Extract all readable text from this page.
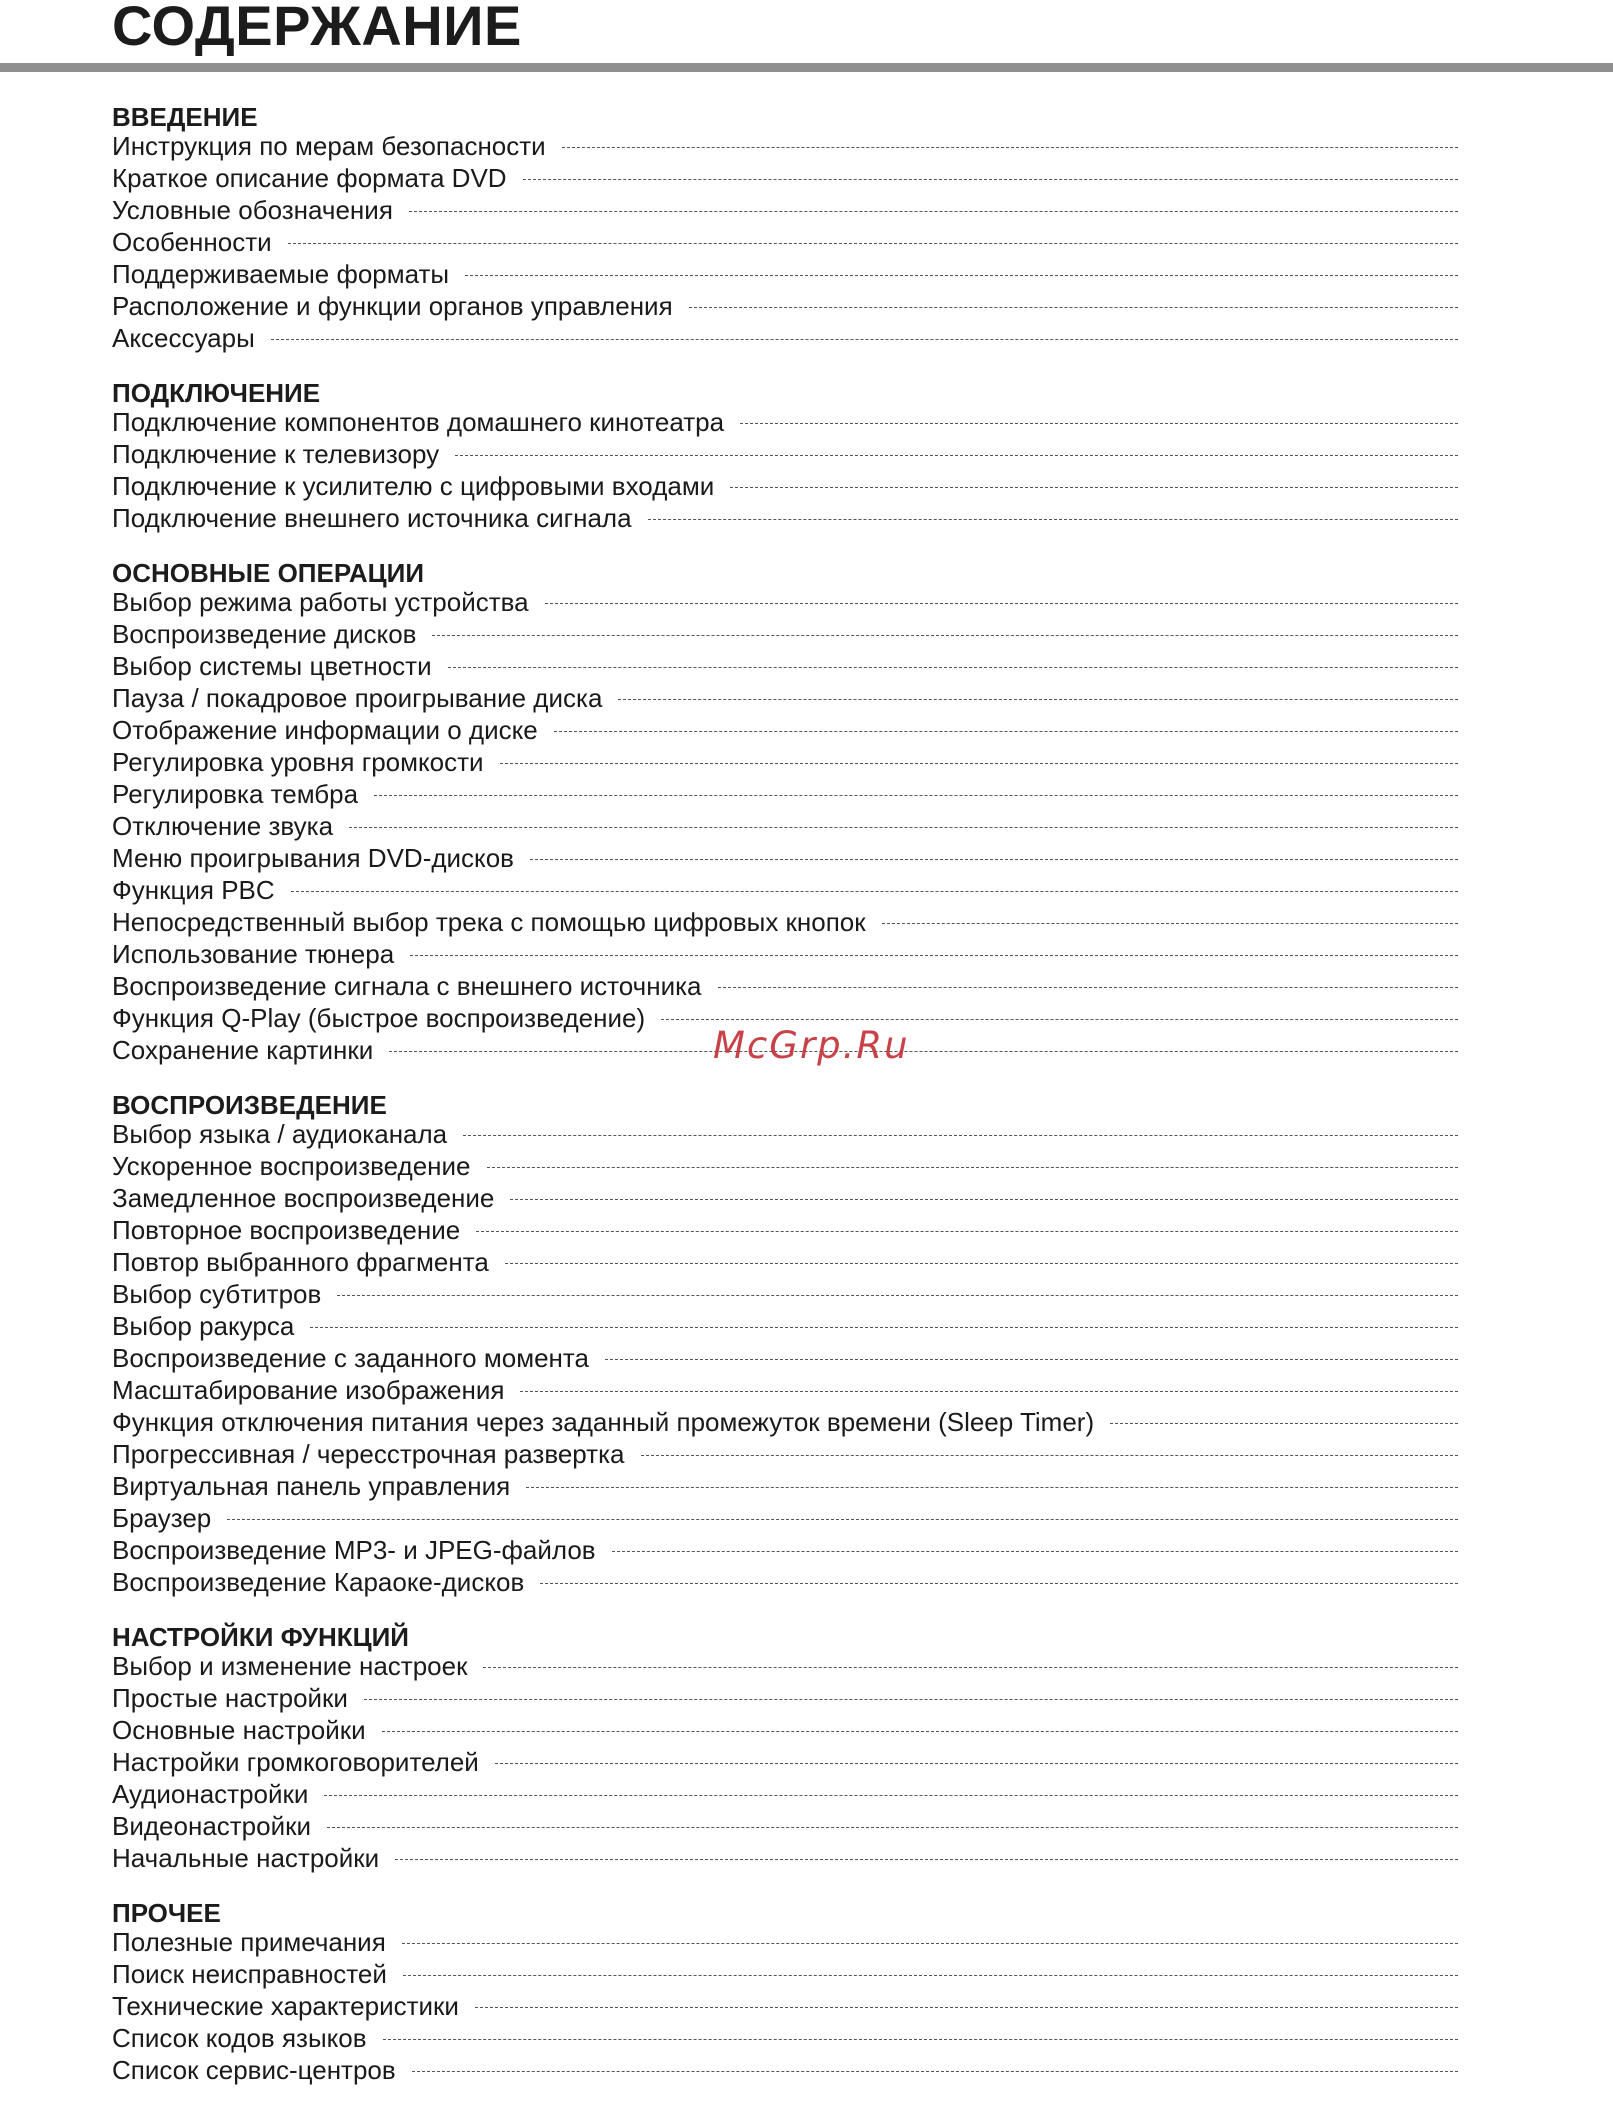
СОДЕРЖАНИЕ
ВВЕДЕНИЕ
Инструкция по мерам безопасности
Краткое описание формата DVD
Условные обозначения
Особенности
Поддерживаемые форматы
Расположение и функции органов управления
Аксессуары
ПОДКЛЮЧЕНИЕ
Подключение компонентов домашнего кинотеатра
Подключение к телевизору
Подключение к усилителю с цифровыми входами
Подключение внешнего источника сигнала
ОСНОВНЫЕ ОПЕРАЦИИ
Выбор режима работы устройства
Воспроизведение дисков
Выбор системы цветности
Пауза / покадровое проигрывание диска
Отображение информации о диске
Регулировка уровня громкости
Регулировка тембра
Отключение звука
Меню проигрывания DVD-дисков
Функция PBC
Непосредственный выбор трека с помощью цифровых кнопок
Использование тюнера
Воспроизведение сигнала с внешнего источника
Функция Q-Play (быстрое воспроизведение)
Сохранение картинки
ВОСПРОИЗВЕДЕНИЕ
Выбор языка / аудиоканала
Ускоренное воспроизведение
Замедленное воспроизведение
Повторное воспроизведение
Повтор выбранного фрагмента
Выбор субтитров
Выбор ракурса
Воспроизведение с заданного момента
Масштабирование изображения
Функция отключения питания через заданный промежуток времени (Sleep Timer)
Прогрессивная / чересстрочная развертка
Виртуальная панель управления
Браузер
Воспроизведение MP3- и JPEG-файлов
Воспроизведение Караоке-дисков
НАСТРОЙКИ ФУНКЦИЙ
Выбор и изменение настроек
Простые настройки
Основные настройки
Настройки громкоговорителей
Аудионастройки
Видеонастройки
Начальные настройки
ПРОЧЕЕ
Полезные примечания
Поиск неисправностей
Технические характеристики
Список кодов языков
Список сервис-центров
McGrp.Ru
